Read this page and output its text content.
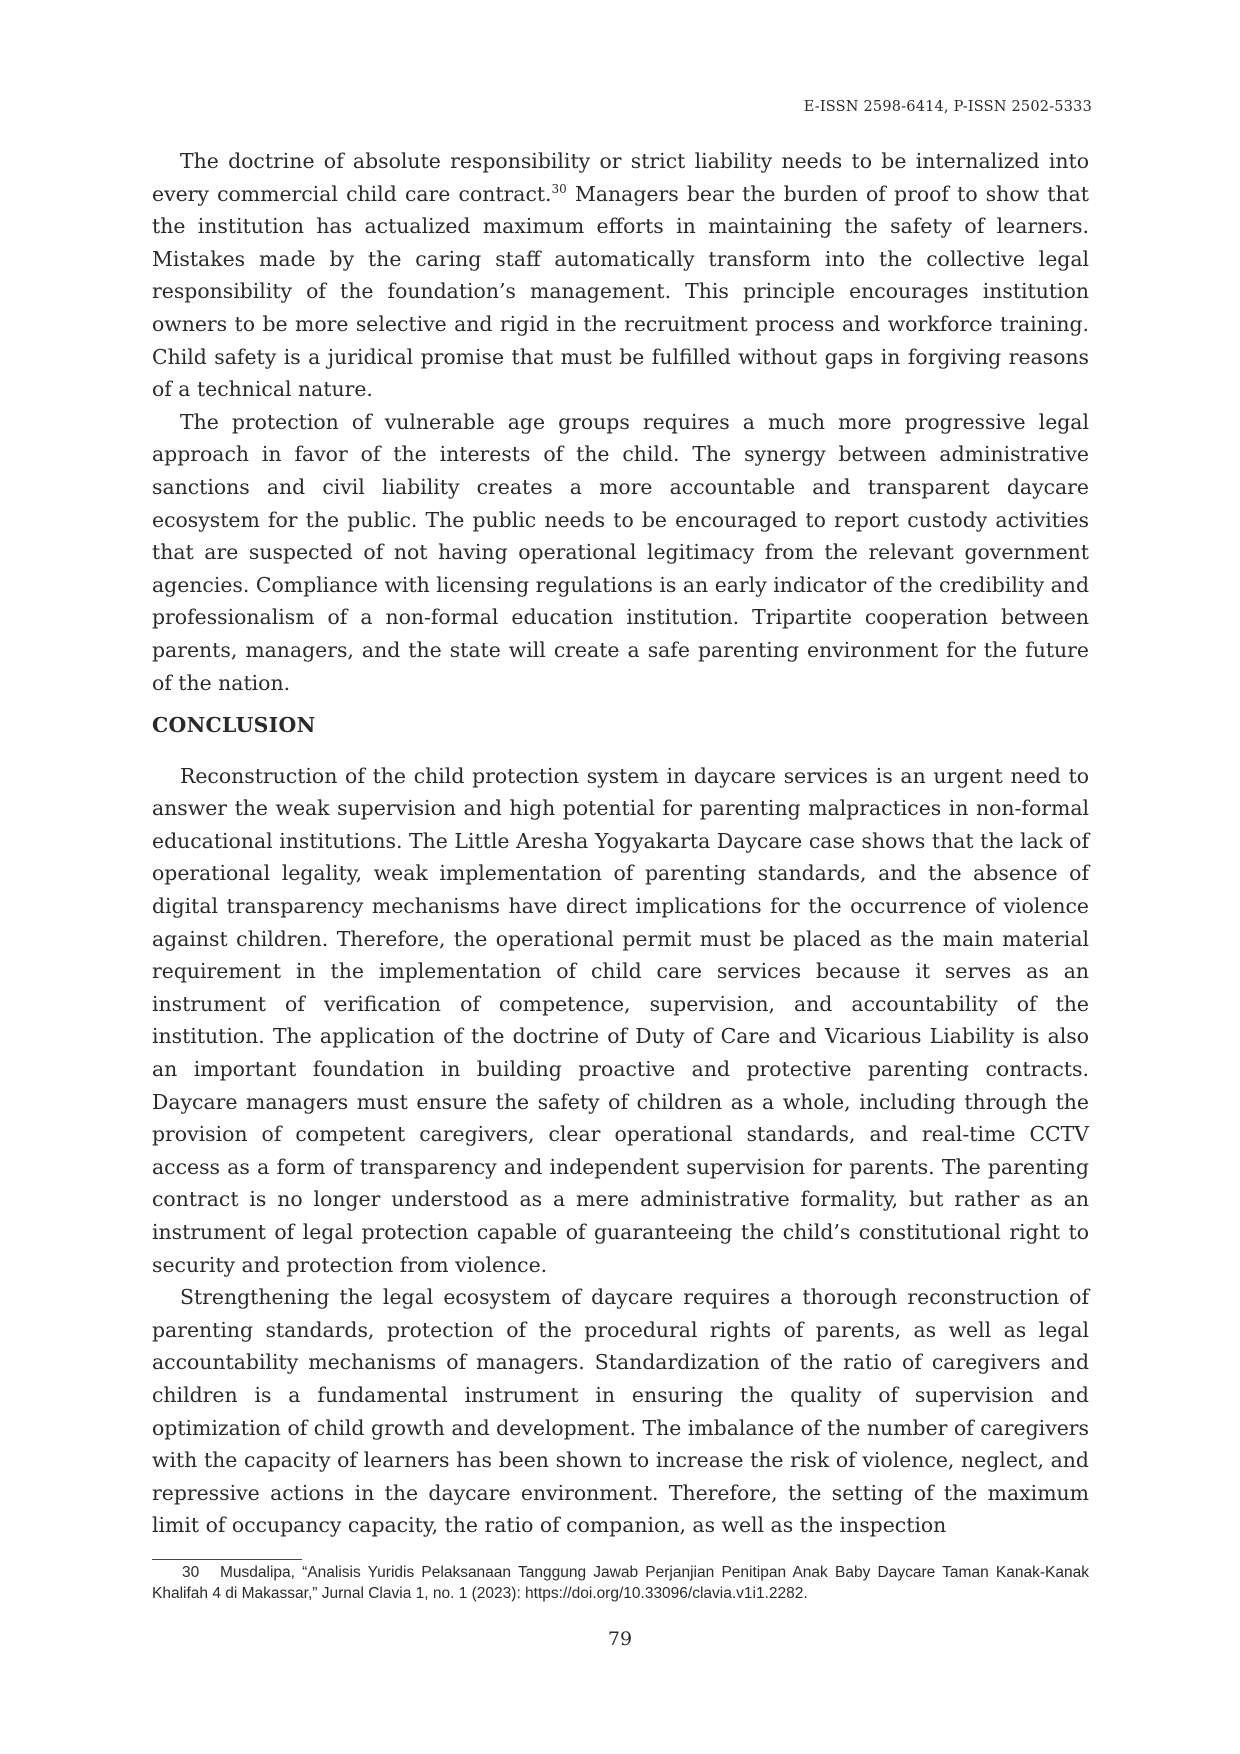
E-ISSN 2598-6414, P-ISSN 2502-5333

The doctrine of absolute responsibility or strict liability needs to be internalized into every commercial child care contract.$^{30}$ Managers bear the burden of proof to show that the institution has actualized maximum efforts in maintaining the safety of learners. Mistakes made by the caring staff automatically transform into the collective legal responsibility of the foundation’s management. This principle encourages institution owners to be more selective and rigid in the recruitment process and workforce training. Child safety is a juridical promise that must be fulfilled without gaps in forgiving reasons of a technical nature.

The protection of vulnerable age groups requires a much more progressive legal approach in favor of the interests of the child. The synergy between administrative sanctions and civil liability creates a more accountable and transparent daycare ecosystem for the public. The public needs to be encouraged to report custody activities that are suspected of not having operational legitimacy from the relevant government agencies. Compliance with licensing regulations is an early indicator of the credibility and professionalism of a non-formal education institution. Tripartite cooperation between parents, managers, and the state will create a safe parenting environment for the future of the nation.

CONCLUSION

Reconstruction of the child protection system in daycare services is an urgent need to answer the weak supervision and high potential for parenting malpractices in non-formal educational institutions. The Little Aresha Yogyakarta Daycare case shows that the lack of operational legality, weak implementation of parenting standards, and the absence of digital transparency mechanisms have direct implications for the occurrence of violence against children. Therefore, the operational permit must be placed as the main material requirement in the implementation of child care services because it serves as an instrument of verification of competence, supervision, and accountability of the institution. The application of the doctrine of Duty of Care and Vicarious Liability is also an important foundation in building proactive and protective parenting contracts. Daycare managers must ensure the safety of children as a whole, including through the provision of competent caregivers, clear operational standards, and real-time CCTV access as a form of transparency and independent supervision for parents. The parenting contract is no longer understood as a mere administrative formality, but rather as an instrument of legal protection capable of guaranteeing the child’s constitutional right to security and protection from violence.

Strengthening the legal ecosystem of daycare requires a thorough reconstruction of parenting standards, protection of the procedural rights of parents, as well as legal accountability mechanisms of managers. Standardization of the ratio of caregivers and children is a fundamental instrument in ensuring the quality of supervision and optimization of child growth and development. The imbalance of the number of caregivers with the capacity of learners has been shown to increase the risk of violence, neglect, and repressive actions in the daycare environment. Therefore, the setting of the maximum limit of occupancy capacity, the ratio of companion, as well as the inspection

30 Musdalipa, “Analisis Yuridis Pelaksanaan Tanggung Jawab Perjanjian Penitipan Anak Baby Daycare Taman Kanak-Kanak Khalifah 4 di Makassar,” Jurnal Clavia 1, no. 1 (2023): https://doi.org/10.33096/clavia.v1i1.2282.
79
